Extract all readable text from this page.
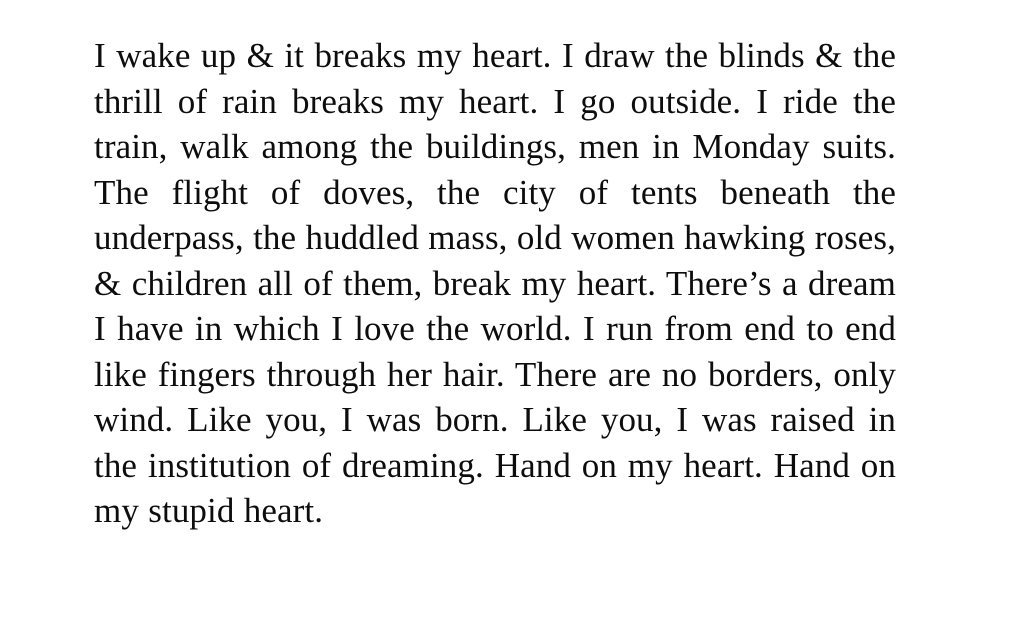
I wake up & it breaks my heart. I draw the blinds & the thrill of rain breaks my heart. I go outside. I ride the train, walk among the buildings, men in Monday suits. The flight of doves, the city of tents beneath the underpass, the huddled mass, old women hawking roses, & children all of them, break my heart. There’s a dream I have in which I love the world. I run from end to end like fingers through her hair. There are no borders, only wind. Like you, I was born. Like you, I was raised in the institution of dreaming. Hand on my heart. Hand on my stupid heart.
